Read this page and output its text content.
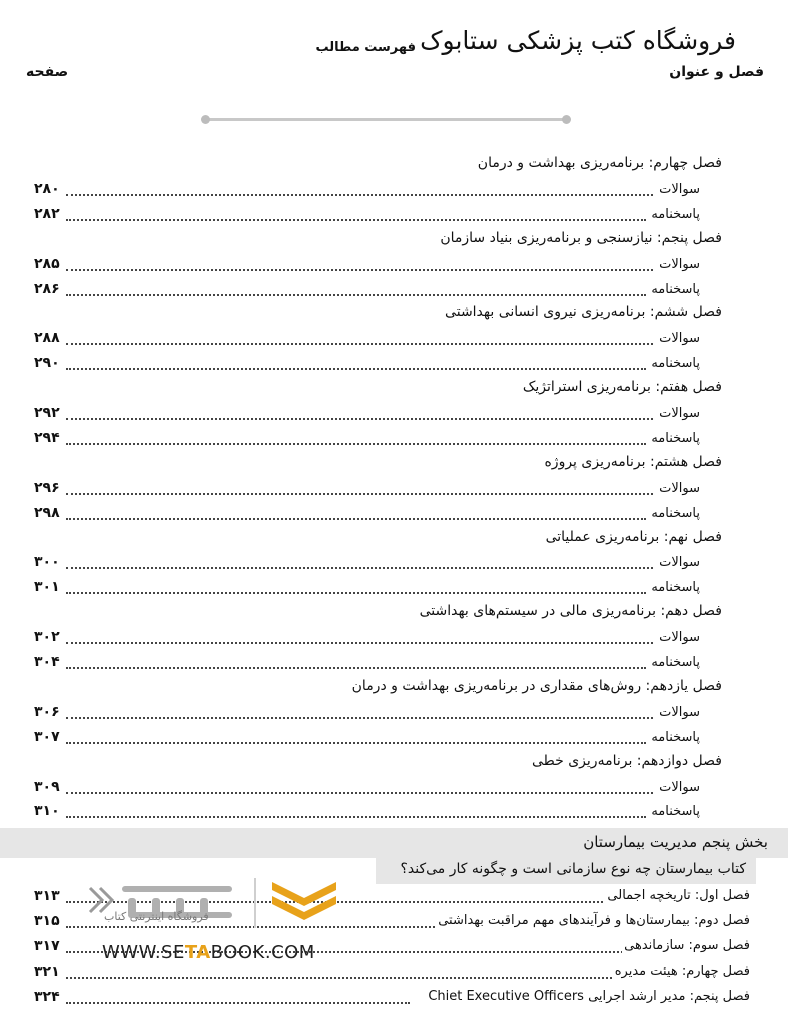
فروشگاه کتب پزشکی ستابوک
فهرست مطالب
فصل و عنوان
صفحه
فصل چهارم: برنامه‌ریزی بهداشت و درمان
سوالات
۲۸۰
پاسخنامه
۲۸۲
فصل پنجم: نیازسنجی و برنامه‌ریزی بنیاد سازمان
سوالات
۲۸۵
پاسخنامه
۲۸۶
فصل ششم: برنامه‌ریزی نیروی انسانی بهداشتی
سوالات
۲۸۸
پاسخنامه
۲۹۰
فصل هفتم: برنامه‌ریزی استراتژیک
سوالات
۲۹۲
پاسخنامه
۲۹۴
فصل هشتم: برنامه‌ریزی پروژه
سوالات
۲۹۶
پاسخنامه
۲۹۸
فصل نهم: برنامه‌ریزی عملیاتی
سوالات
۳۰۰
پاسخنامه
۳۰۱
فصل دهم: برنامه‌ریزی مالی در سیستم‌های بهداشتی
سوالات
۳۰۲
پاسخنامه
۳۰۴
فصل یازدهم: روش‌های مقداری در برنامه‌ریزی بهداشت و درمان
سوالات
۳۰۶
پاسخنامه
۳۰۷
فصل دوازدهم: برنامه‌ریزی خطی
سوالات
۳۰۹
پاسخنامه
۳۱۰
بخش پنجم مدیریت بیمارستان
کتاب بیمارستان چه نوع سازمانی است و چگونه کار می‌کند؟
فصل اول: تاریخچه اجمالی
۳۱۳
فصل دوم: بیمارستان‌ها و فرآیندهای مهم مراقبت بهداشتی
۳۱۵
فصل سوم: سازماندهی
۳۱۷
فصل چهارم: هیئت مدیره
۳۲۱
فصل پنجم: مدیر ارشد اجرایی Chiet Executive Officers
۳۲۴
فروشگاه اینترنتی کتاب
WWW.SETABOOK.COM
